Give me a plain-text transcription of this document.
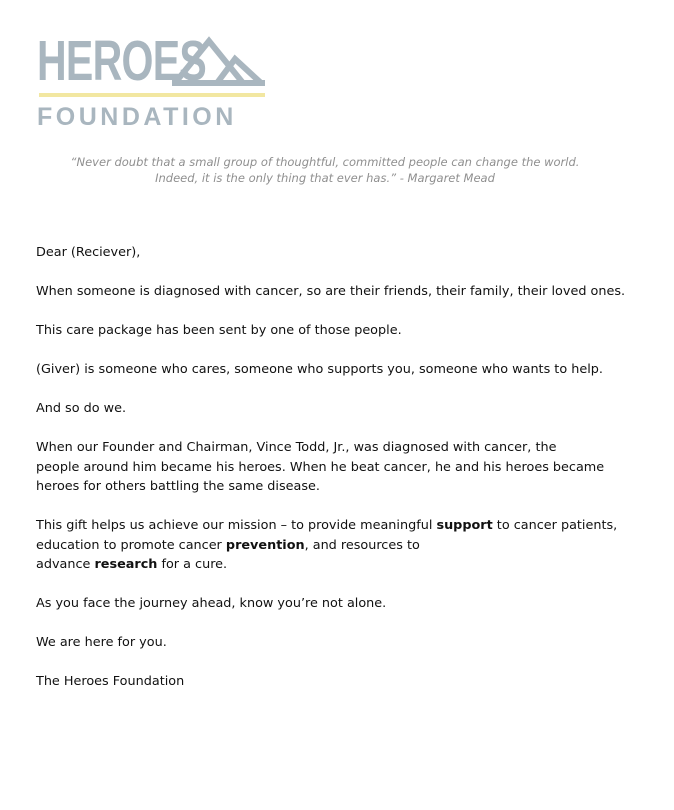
HEROES
FOUNDATION
“Never doubt that a small group of thoughtful, committed people can change the world.
Indeed, it is the only thing that ever has.” - Margaret Mead

Dear (Reciever),

When someone is diagnosed with cancer, so are their friends, their family, their loved ones.

This care package has been sent by one of those people.

(Giver) is someone who cares, someone who supports you, someone who wants to help.

And so do we.

When our Founder and Chairman, Vince Todd, Jr., was diagnosed with cancer, the
people around him became his heroes. When he beat cancer, he and his heroes became
heroes for others battling the same disease.

This gift helps us achieve our mission – to provide meaningful support to cancer patients, education to promote cancer prevention, and resources to
advance research for a cure.

As you face the journey ahead, know you’re not alone.

We are here for you.

The Heroes Foundation
